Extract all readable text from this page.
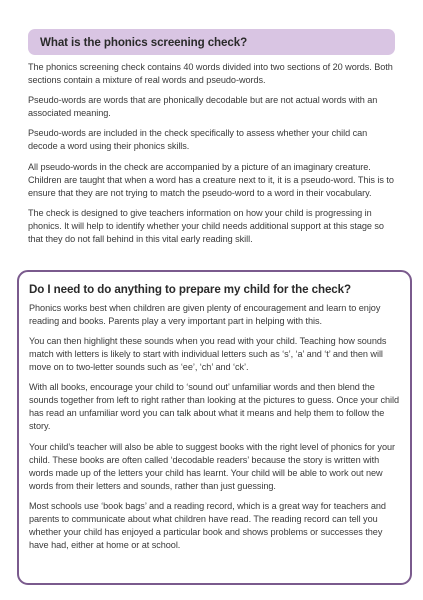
What is the phonics screening check?

The phonics screening check contains 40 words divided into two sections of 20 words. Both sections contain a mixture of real words and pseudo-words.

Pseudo-words are words that are phonically decodable but are not actual words with an associated meaning.

Pseudo-words are included in the check specifically to assess whether your child can decode a word using their phonics skills.

All pseudo-words in the check are accompanied by a picture of an imaginary creature. Children are taught that when a word has a creature next to it, it is a pseudo-word. This is to ensure that they are not trying to match the pseudo-word to a word in their vocabulary.

The check is designed to give teachers information on how your child is progressing in phonics. It will help to identify whether your child needs additional support at this stage so that they do not fall behind in this vital early reading skill.

Do I need to do anything to prepare my child for the check?

Phonics works best when children are given plenty of encouragement and learn to enjoy reading and books. Parents play a very important part in helping with this.

You can then highlight these sounds when you read with your child. Teaching how sounds match with letters is likely to start with individual letters such as ‘s’, ‘a’ and ‘t’ and then will move on to two-letter sounds such as ‘ee’, ‘ch’ and ‘ck’.

With all books, encourage your child to ‘sound out’ unfamiliar words and then blend the sounds together from left to right rather than looking at the pictures to guess. Once your child has read an unfamiliar word you can talk about what it means and help them to follow the story.

Your child’s teacher will also be able to suggest books with the right level of phonics for your child. These books are often called ‘decodable readers’ because the story is written with words made up of the letters your child has learnt. Your child will be able to work out new words from their letters and sounds, rather than just guessing.

Most schools use ‘book bags’ and a reading record, which is a great way for teachers and parents to communicate about what children have read. The reading record can tell you whether your child has enjoyed a particular book and shows problems or successes they have had, either at home or at school.
